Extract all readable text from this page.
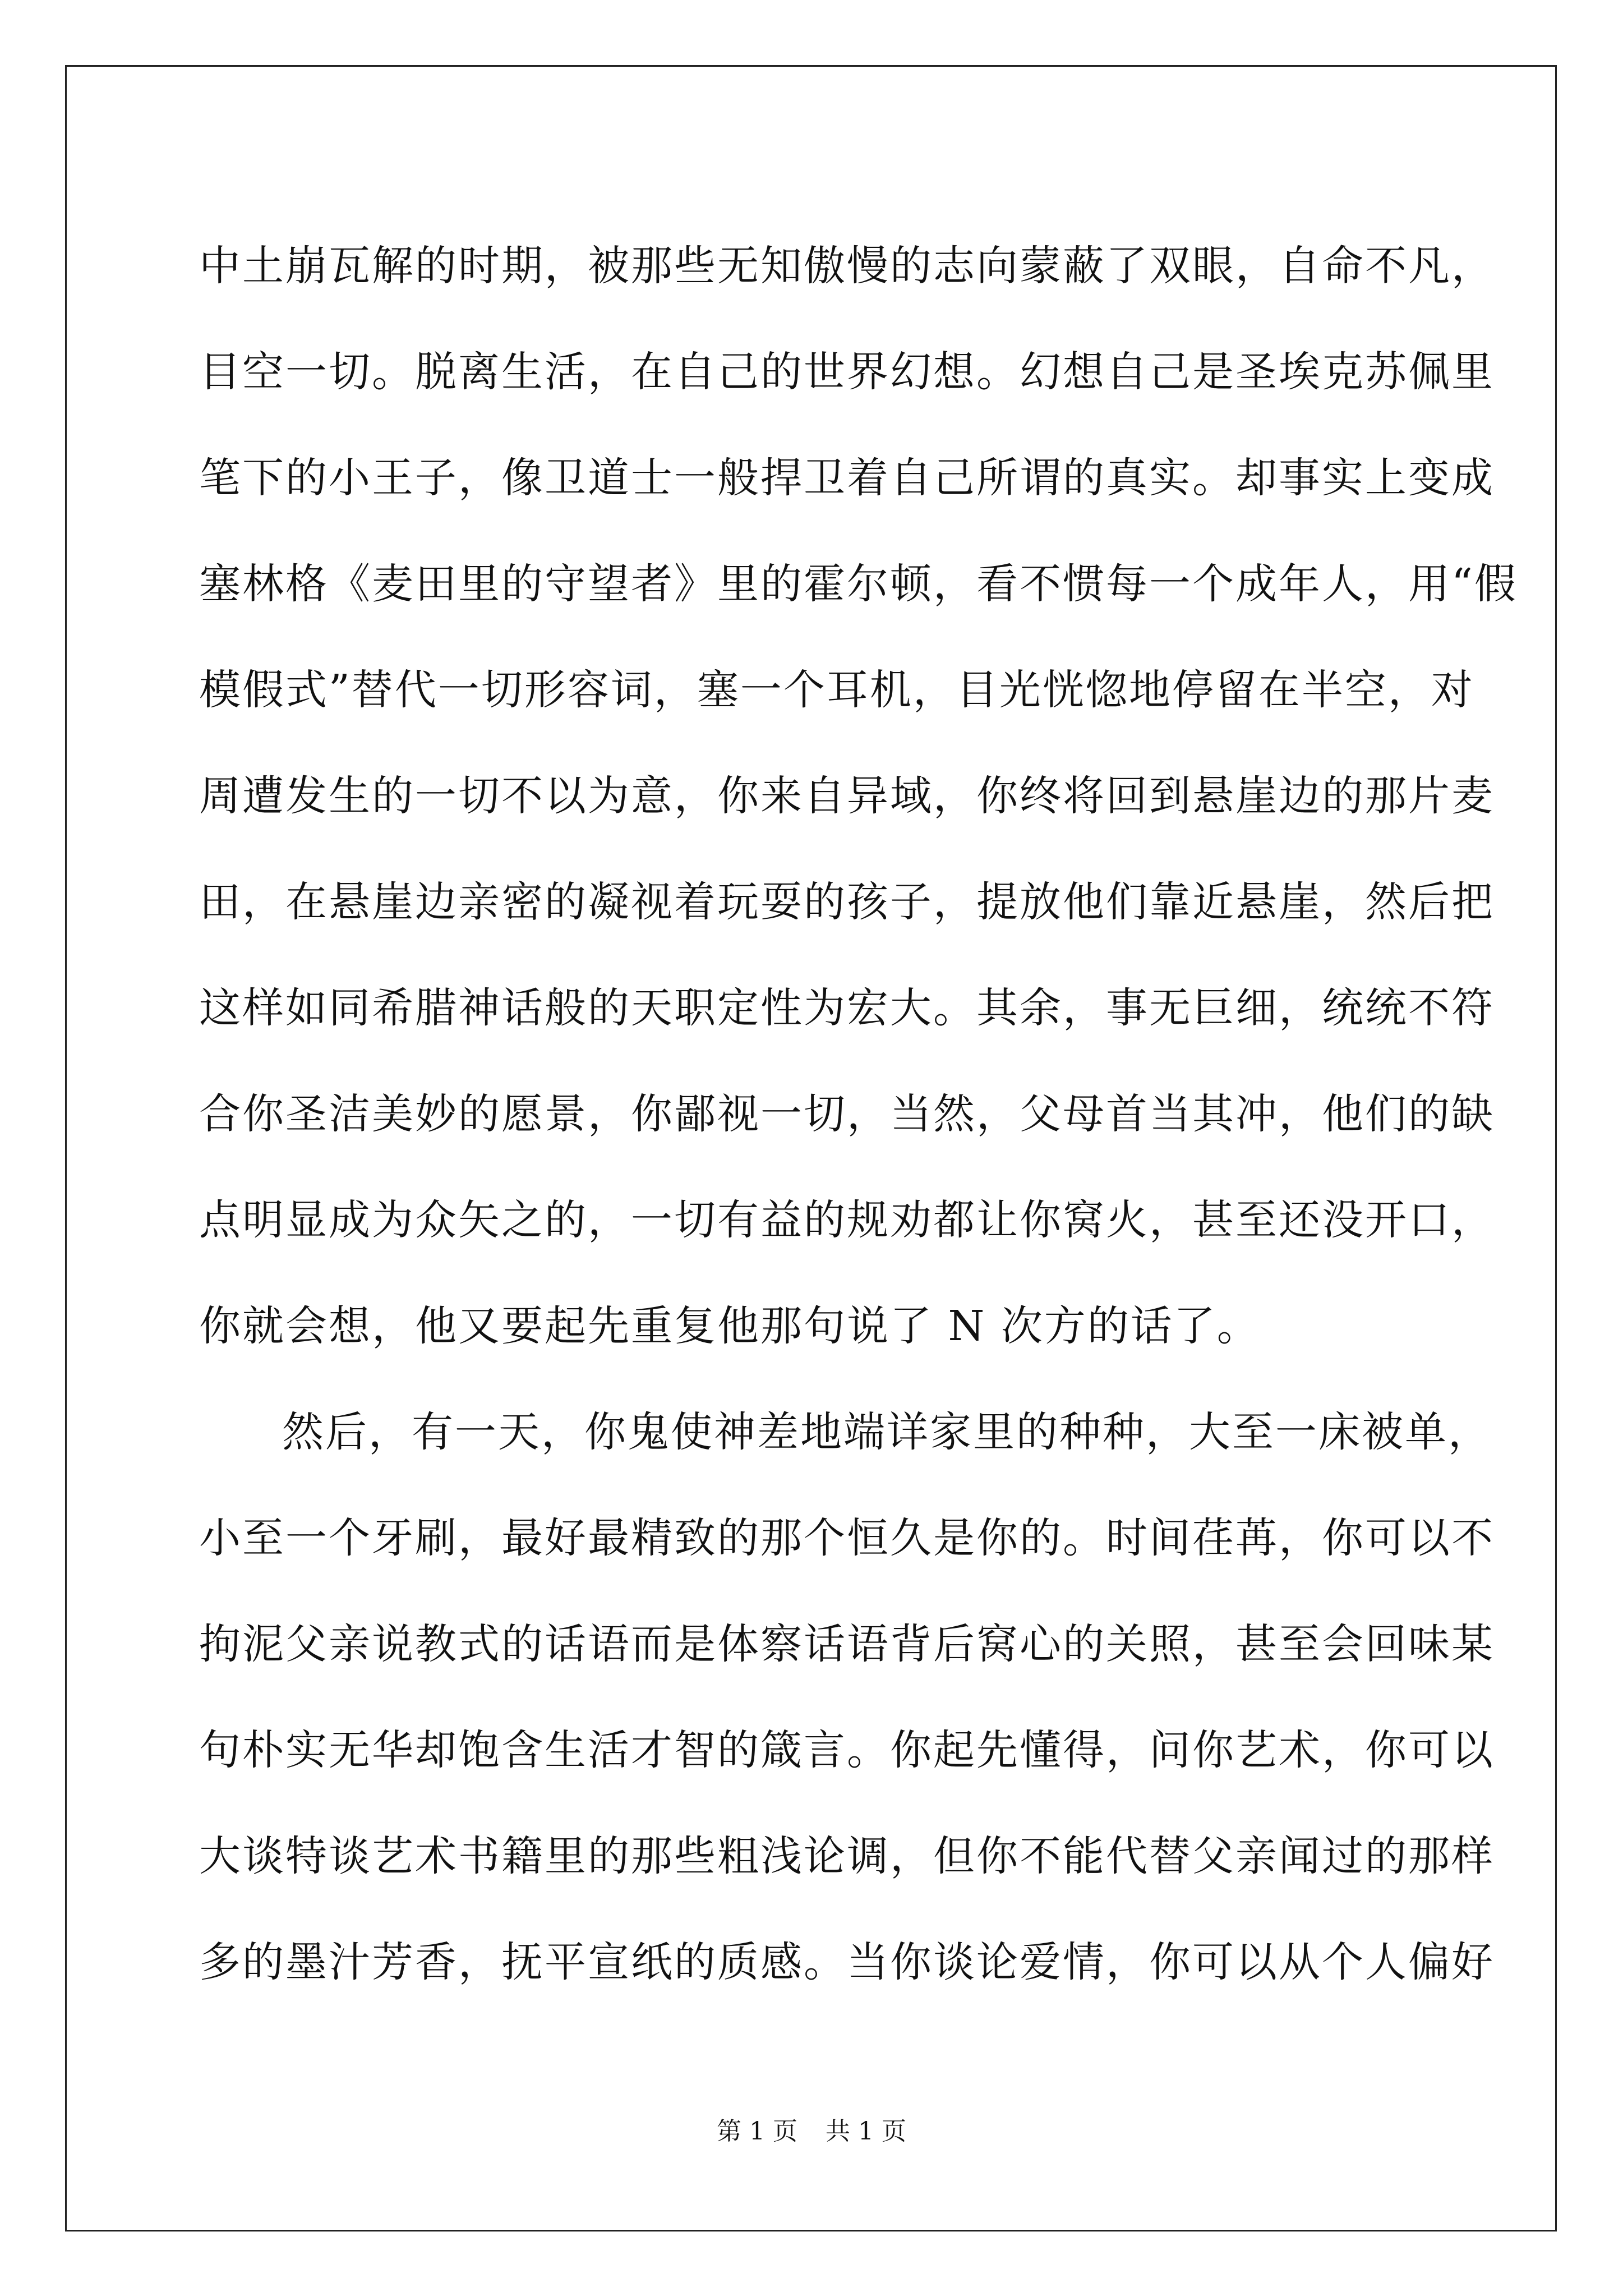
中土崩瓦解的时期，被那些无知傲慢的志向蒙蔽了双眼，自命不凡，
目空一切。脱离生活，在自己的世界幻想。幻想自己是圣埃克苏佩里
笔下的小王子，像卫道士一般捍卫着自己所谓的真实。却事实上变成
塞林格《麦田里的守望者》里的霍尔顿，看不惯每一个成年人，用“假
模假式”替代一切形容词，塞一个耳机，目光恍惚地停留在半空，对
周遭发生的一切不以为意，你来自异域，你终将回到悬崖边的那片麦
田，在悬崖边亲密的凝视着玩耍的孩子，提放他们靠近悬崖，然后把
这样如同希腊神话般的天职定性为宏大。其余，事无巨细，统统不符
合你圣洁美妙的愿景，你鄙视一切，当然，父母首当其冲，他们的缺
点明显成为众矢之的，一切有益的规劝都让你窝火，甚至还没开口，
你就会想，他又要起先重复他那句说了 N 次方的话了。
然后，有一天，你鬼使神差地端详家里的种种，大至一床被单，
小至一个牙刷，最好最精致的那个恒久是你的。时间荏苒，你可以不
拘泥父亲说教式的话语而是体察话语背后窝心的关照，甚至会回味某
句朴实无华却饱含生活才智的箴言。你起先懂得，问你艺术，你可以
大谈特谈艺术书籍里的那些粗浅论调，但你不能代替父亲闻过的那样
多的墨汁芳香，抚平宣纸的质感。当你谈论爱情，你可以从个人偏好
第 1 页 共 1 页
